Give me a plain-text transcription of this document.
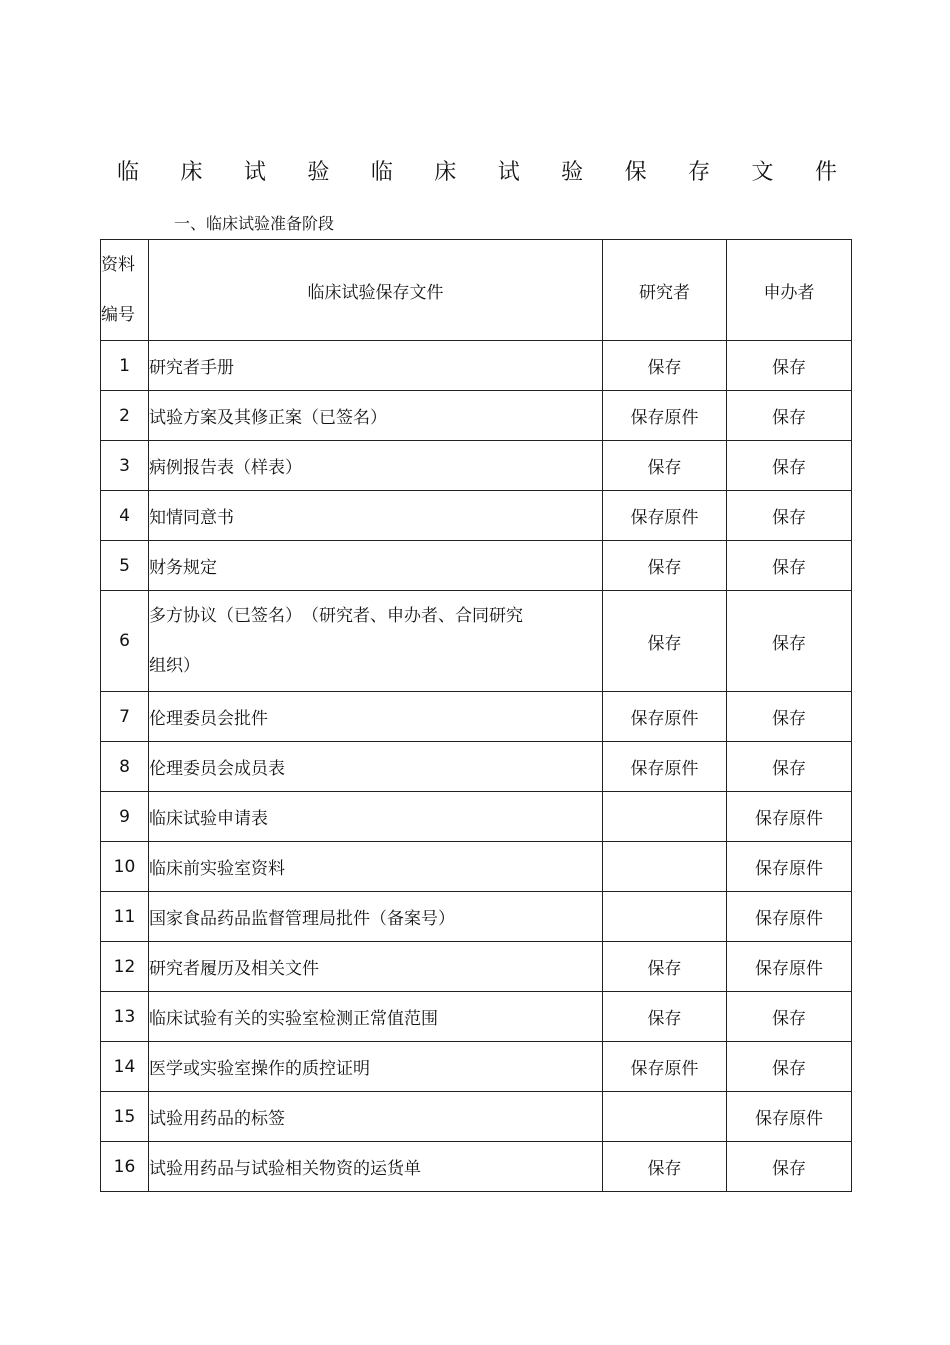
临 床 试 验 临 床 试 验 保 存 文 件
一、临床试验准备阶段
资料
编号	临床试验保存文件	研究者	申办者
1	研究者手册	保存	保存
2	试验方案及其修正案（已签名）	保存原件	保存
3	病例报告表（样表）	保存	保存
4	知情同意书	保存原件	保存
5	财务规定	保存	保存
6	多方协议（已签名）　（研究者、申办者、合同研究
组织）	保存	保存
7	伦理委员会批件	保存原件	保存
8	伦理委员会成员表	保存原件	保存
9	临床试验申请表		保存原件
10	临床前实验室资料		保存原件
11	国家食品药品监督管理局批件（备案号）		保存原件
12	研究者履历及相关文件	保存	保存原件
13	临床试验有关的实验室检测正常值范围	保存	保存
14	医学或实验室操作的质控证明	保存原件	保存
15	试验用药品的标签		保存原件
16	试验用药品与试验相关物资的运货单	保存	保存
